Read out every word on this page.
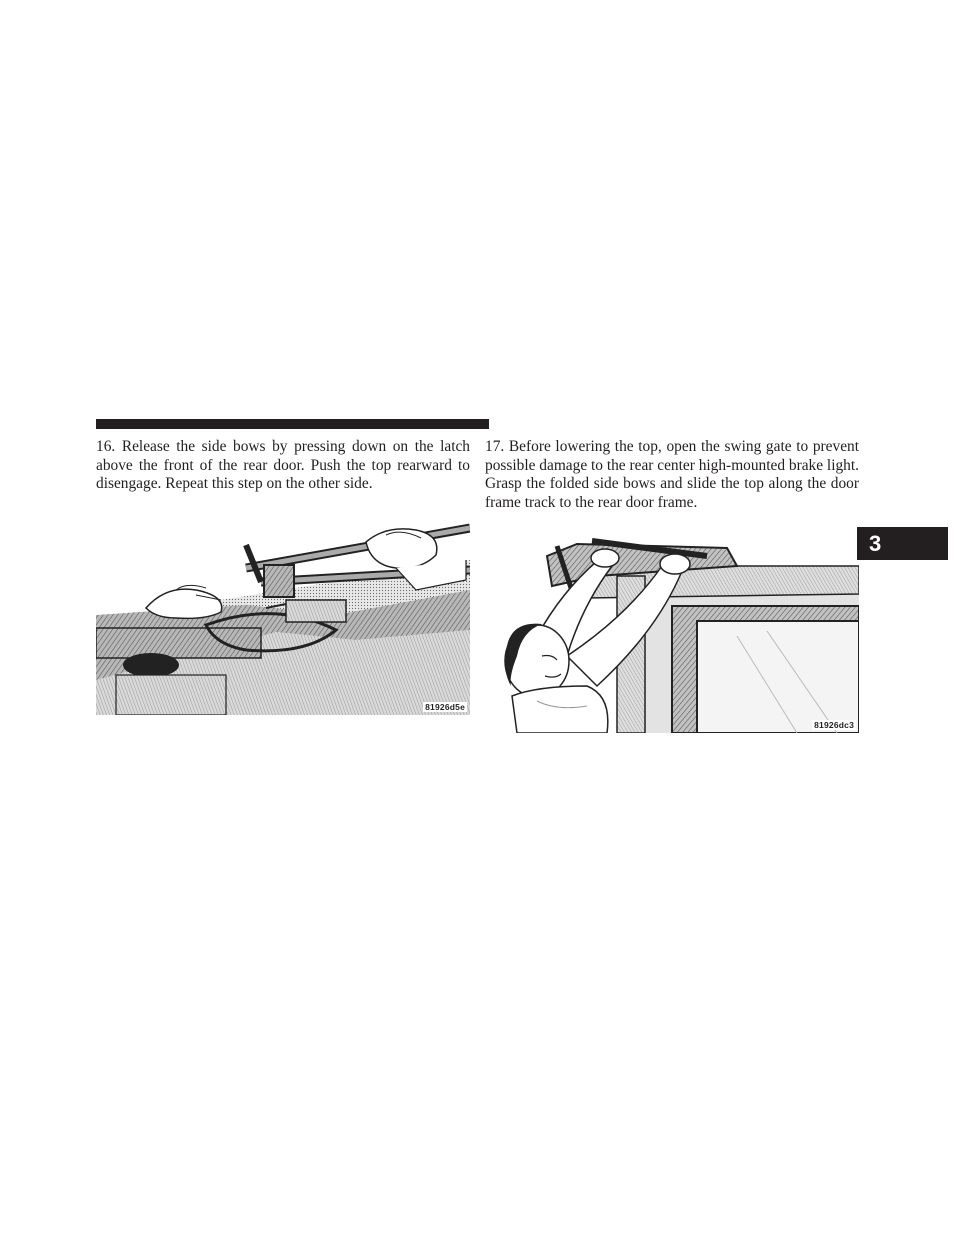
16. Release the side bows by pressing down on the latch above the front of the rear door. Push the top rearward to disengage. Repeat this step on the other side.

17. Before lowering the top, open the swing gate to prevent possible damage to the rear center high-mounted brake light. Grasp the folded side bows and slide the top along the door frame track to the rear door frame.

81926d5e
81926dc3
3
